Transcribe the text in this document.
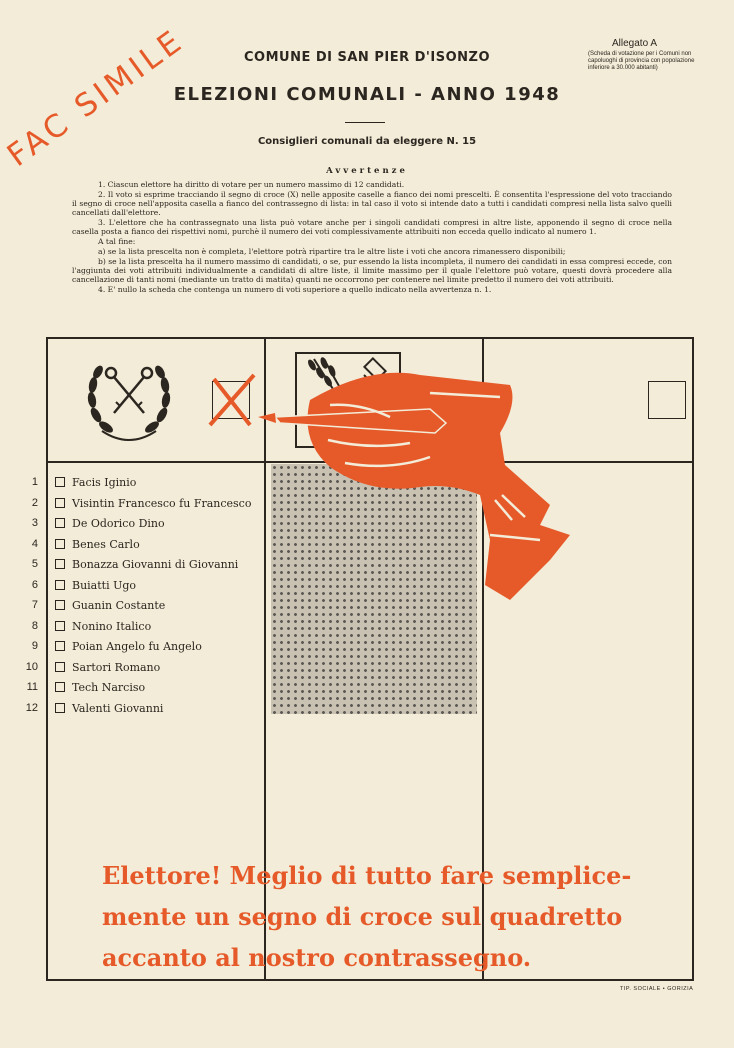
Allegato A
(Scheda di votazione per i Comuni non capoluoghi di provincia con popolazione inferiore a 30.000 abitanti)
COMUNE DI SAN PIER D'ISONZO
ELEZIONI COMUNALI - ANNO 1948
Consiglieri comunali da eleggere N. 15
Avvertenze

1. Ciascun elettore ha diritto di votare per un numero massimo di 12 candidati.

2. Il voto si esprime tracciando il segno di croce (X) nelle apposite caselle a fianco dei nomi prescelti. È consentita l'espressione del voto tracciando il segno di croce nell'apposita casella a fianco del contrassegno di lista: in tal caso il voto si intende dato a tutti i candidati compresi nella lista salvo quelli cancellati dall'elettore.

3. L'elettore che ha contrassegnato una lista può votare anche per i singoli candidati compresi in altre liste, apponendo il segno di croce nella casella posta a fianco dei rispettivi nomi, purchè il numero dei voti complessivamente attribuiti non ecceda quello indicato al numero 1.

A tal fine:

a) se la lista prescelta non è completa, l'elettore potrà ripartire tra le altre liste i voti che ancora rimanessero disponibili;

b) se la lista prescelta ha il numero massimo di candidati, o se, pur essendo la lista incompleta, il numero dei candidati in essa compresi eccede, con l'aggiunta dei voti attribuiti individualmente a candidati di altre liste, il limite massimo per il quale l'elettore può votare, questi dovrà procedere alla cancellazione di tanti nomi (mediante un tratto di matita) quanti ne occorrono per contenere nel limite predetto il numero dei voti attribuiti.

4. E' nullo la scheda che contenga un numero di voti superiore a quello indicato nella avvertenza n. 1.

1	Facis Iginio
2	Visintin Francesco fu Francesco
3	De Odorico Dino
4	Benes Carlo
5	Bonazza Giovanni di Giovanni
6	Buiatti Ugo
7	Guanin Costante
8	Nonino Italico
9	Poian Angelo fu Angelo
10	Sartori Romano
11	Tech Narciso
12	Valenti Giovanni
FAC SIMILE
Elettore! Meglio di tutto fare semplice-
mente un segno di croce sul quadretto
accanto al nostro contrassegno.
TIP. SOCIALE • GORIZIA
